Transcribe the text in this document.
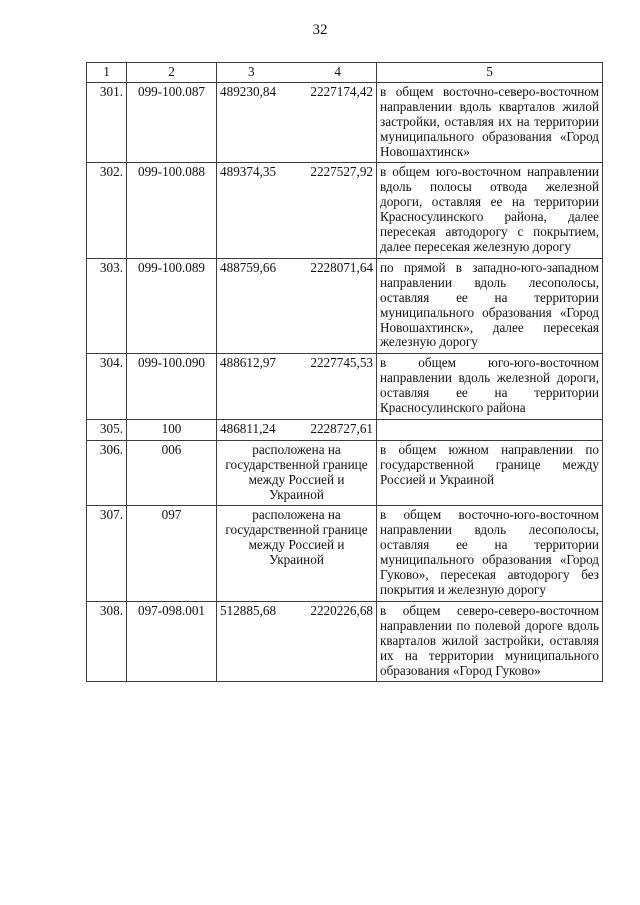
32
1	2	3 4	5
301.	099-100.087	489230,84 2227174,42	в общем восточно-северо-восточном направлении вдоль кварталов жилой застройки, оставляя их на территории муниципального образования «Город Новошахтинск»

302.	099-100.088	489374,35 2227527,92	в общем юго-восточном направлении вдоль полосы отвода железной дороги, оставляя ее на территории Красносулинского района, далее пересекая автодорогу с покрытием, далее пересекая железную дорогу

303.	099-100.089	488759,66 2228071,64	по прямой в западно-юго-западном направлении вдоль лесополосы, оставляя ее на территории муниципального образования «Город Новошахтинск», далее пересекая железную дорогу

304.	099-100.090	488612,97 2227745,53	в общем юго-юго-восточном направлении вдоль железной дороги, оставляя ее на территории Красносулинского района

305.	100	486811,24 2228727,61	

306.	006	расположена на государственной границе между Россией и Украиной	в общем южном направлении по государственной границе между Россией и Украиной

307.	097	расположена на государственной границе между Россией и Украиной	в общем восточно-юго-восточном направлении вдоль лесополосы, оставляя ее на территории муниципального образования «Город Гуково», пересекая автодорогу без покрытия и железную дорогу

308.	097-098.001	512885,68 2220226,68	в общем северо-северо-восточном направлении по полевой дороге вдоль кварталов жилой застройки, оставляя их на территории муниципального образования «Город Гуково»
